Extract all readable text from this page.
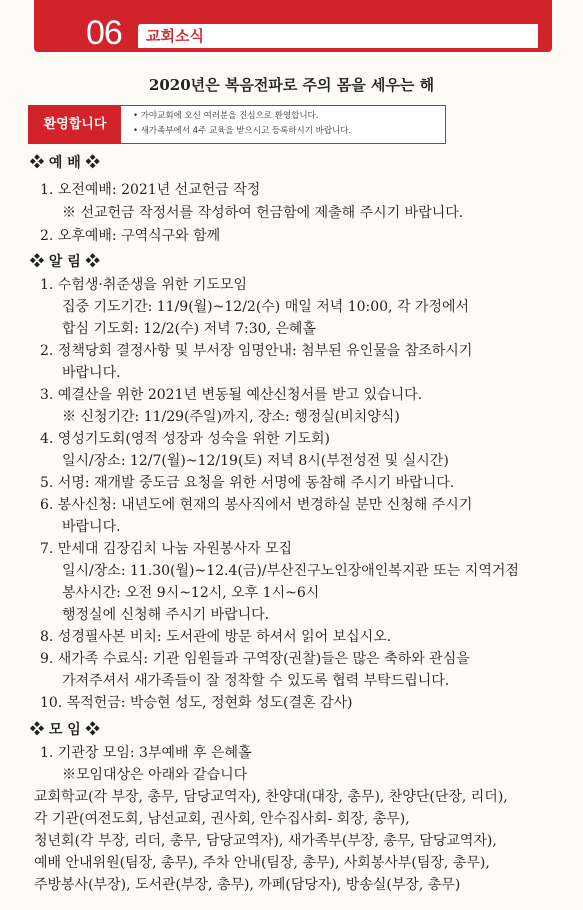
06 교회소식
2020년은 복음전파로 주의 몸을 세우는 해
환영합니다
• 가야교회에 오신 여러분을 진심으로 환영합니다.
• 새가족부에서 4주 교육을 받으시고 등록하시기 바랍니다.
❖ 예 배 ❖
1. 오전예배: 2021년 선교헌금 작정
※ 선교헌금 작정서를 작성하여 헌금함에 제출해 주시기 바랍니다.
2. 오후예배: 구역식구와 함께
❖ 알 림 ❖
1. 수험생·취준생을 위한 기도모임
집중 기도기간: 11/9(월)~12/2(수) 매일 저녁 10:00, 각 가정에서
합심 기도회: 12/2(수) 저녁 7:30, 은혜홀
2. 정책당회 결정사항 및 부서장 임명안내: 첨부된 유인물을 참조하시기
바랍니다.
3. 예결산을 위한 2021년 변동될 예산신청서를 받고 있습니다.
※ 신청기간: 11/29(주일)까지, 장소: 행정실(비치양식)
4. 영성기도회(영적 성장과 성숙을 위한 기도회)
일시/장소: 12/7(월)~12/19(토) 저녁 8시(부전성전 및 실시간)
5. 서명: 재개발 중도금 요청을 위한 서명에 동참해 주시기 바랍니다.
6. 봉사신청: 내년도에 현재의 봉사직에서 변경하실 분만 신청해 주시기
바랍니다.
7. 만세대 김장김치 나눔 자원봉사자 모집
일시/장소: 11.30(월)~12.4(금)/부산진구노인장애인복지관 또는 지역거점
봉사시간: 오전 9시~12시, 오후 1시~6시
행정실에 신청해 주시기 바랍니다.
8. 성경필사본 비치: 도서관에 방문 하셔서 읽어 보십시오.
9. 새가족 수료식: 기관 임원들과 구역장(권찰)들은 많은 축하와 관심을
가져주셔서 새가족들이 잘 정착할 수 있도록 협력 부탁드립니다.
10. 목적헌금: 박승현 성도, 정현화 성도(결혼 감사)
❖ 모 임 ❖
1. 기관장 모임: 3부예배 후 은혜홀
※모임대상은 아래와 같습니다
교회학교(각 부장, 총무, 담당교역자), 찬양대(대장, 총무), 찬양단(단장, 리더),
각 기관(여전도회, 남선교회, 권사회, 안수집사회- 회장, 총무),
청년회(각 부장, 리더, 총무, 담당교역자), 새가족부(부장, 총무, 담당교역자),
예배 안내위원(팀장, 총무), 주차 안내(팀장, 총무), 사회봉사부(팀장, 총무),
주방봉사(부장), 도서관(부장, 총무), 까페(담당자), 방송실(부장, 총무)
